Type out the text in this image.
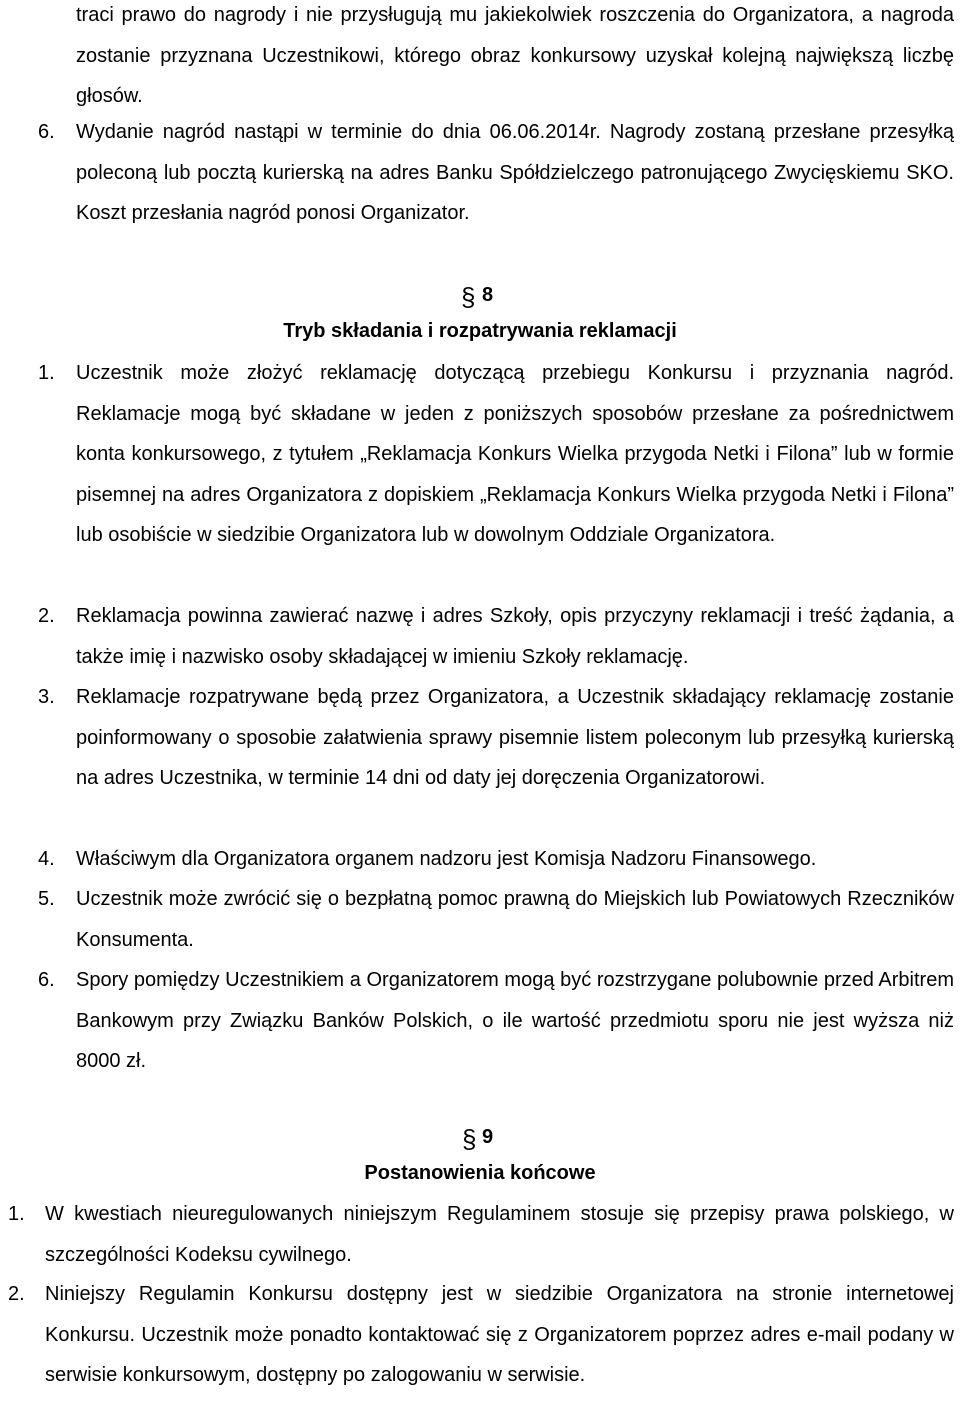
traci prawo do nagrody i nie przysługują mu jakiekolwiek roszczenia do Organizatora, a nagroda zostanie przyznana Uczestnikowi, którego obraz konkursowy uzyskał kolejną największą liczbę głosów.

6. Wydanie nagród nastąpi w terminie do dnia 06.06.2014r. Nagrody zostaną przesłane przesyłką poleconą lub pocztą kurierską na adres Banku Spółdzielczego patronującego Zwycięskiemu SKO. Koszt przesłania nagród ponosi Organizator.

§ 8
Tryb składania i rozpatrywania reklamacji
1. Uczestnik może złożyć reklamację dotyczącą przebiegu Konkursu i przyznania nagród. Reklamacje mogą być składane w jeden z poniższych sposobów przesłane za pośrednictwem konta konkursowego, z tytułem „Reklamacja Konkurs Wielka przygoda Netki i Filona” lub w formie pisemnej na adres Organizatora z dopiskiem „Reklamacja Konkurs Wielka przygoda Netki i Filona” lub osobiście w siedzibie Organizatora lub w dowolnym Oddziale Organizatora.

2. Reklamacja powinna zawierać nazwę i adres Szkoły, opis przyczyny reklamacji i treść żądania, a także imię i nazwisko osoby składającej w imieniu Szkoły reklamację.

3. Reklamacje rozpatrywane będą przez Organizatora, a Uczestnik składający reklamację zostanie poinformowany o sposobie załatwienia sprawy pisemnie listem poleconym lub przesyłką kurierską na adres Uczestnika, w terminie 14 dni od daty jej doręczenia Organizatorowi.

4. Właściwym dla Organizatora organem nadzoru jest Komisja Nadzoru Finansowego.

5. Uczestnik może zwrócić się o bezpłatną pomoc prawną do Miejskich lub Powiatowych Rzeczników Konsumenta.

6. Spory pomiędzy Uczestnikiem a Organizatorem mogą być rozstrzygane polubownie przed Arbitrem Bankowym przy Związku Banków Polskich, o ile wartość przedmiotu sporu nie jest wyższa niż 8000 zł.

§ 9
Postanowienia końcowe
1. W kwestiach nieuregulowanych niniejszym Regulaminem stosuje się przepisy prawa polskiego, w szczególności Kodeksu cywilnego.

2. Niniejszy Regulamin Konkursu dostępny jest w siedzibie Organizatora na stronie internetowej Konkursu. Uczestnik może ponadto kontaktować się z Organizatorem poprzez adres e-mail podany w serwisie konkursowym, dostępny po zalogowaniu w serwisie.
